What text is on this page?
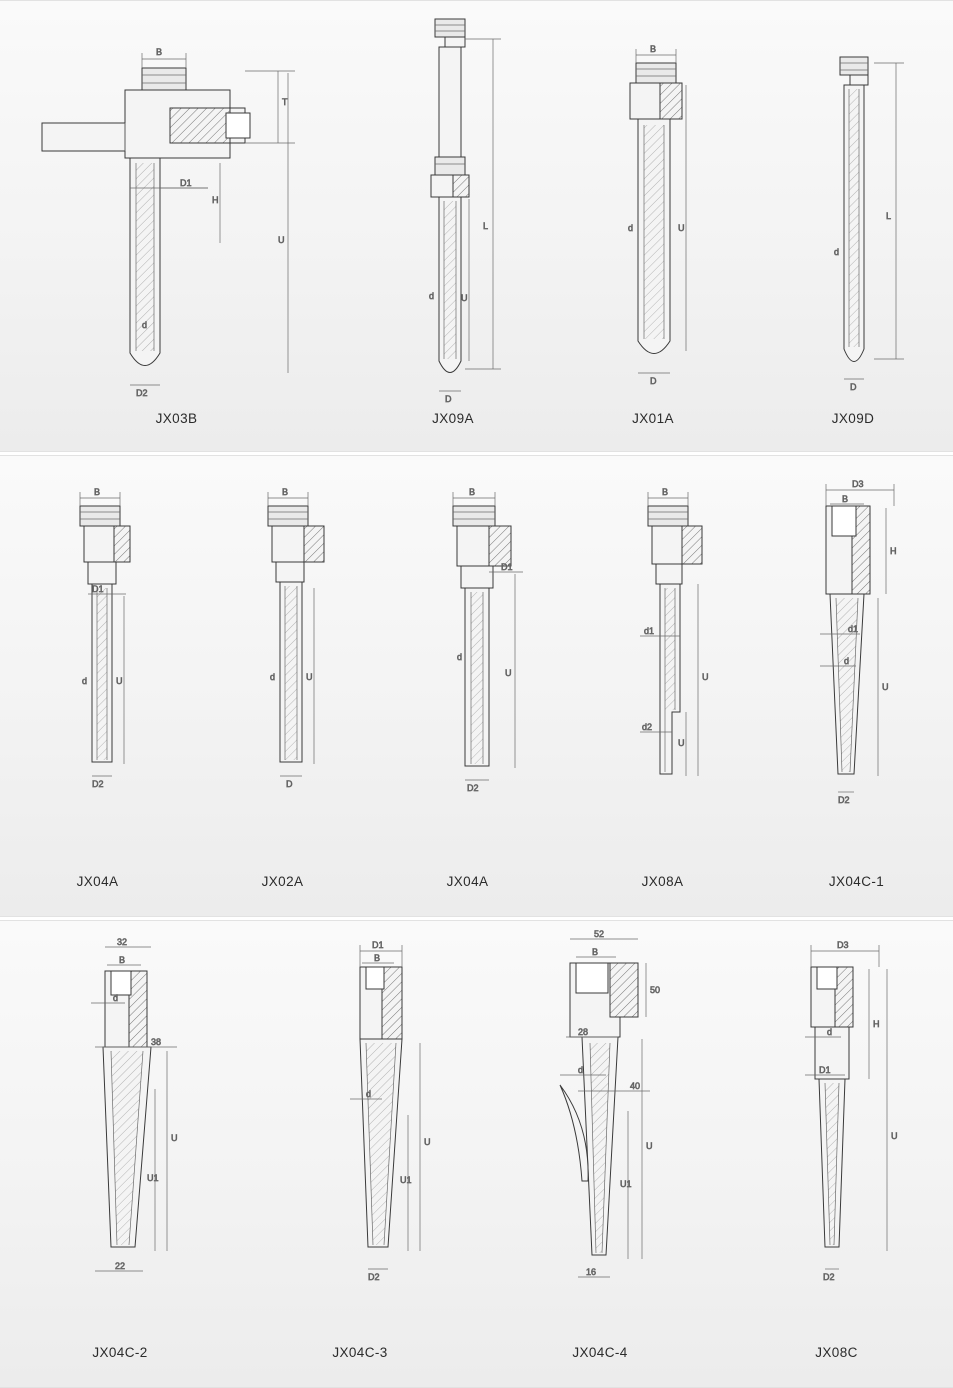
B
T
D1
H
U
d
D2
JX03B
L
U
d
D
JX09A
B
U
d
D
JX01A
L
d
D
JX09D
B
D1
U
d
D2
JX04A
B
U
d
D
JX02A
B
D1
U
d
D2
JX04A
B
U
d1
d2
U
JX08A
D3
B
H
d1
d
U
D2
JX04C-1
32
B
d
38
U
U1
22
JX04C-2
D1
B
d
U
U1
D2
JX04C-3
52
B
50
28
d
40
U
U1
16
JX04C-4
D3
d
H
D1
U
D2
JX08C
